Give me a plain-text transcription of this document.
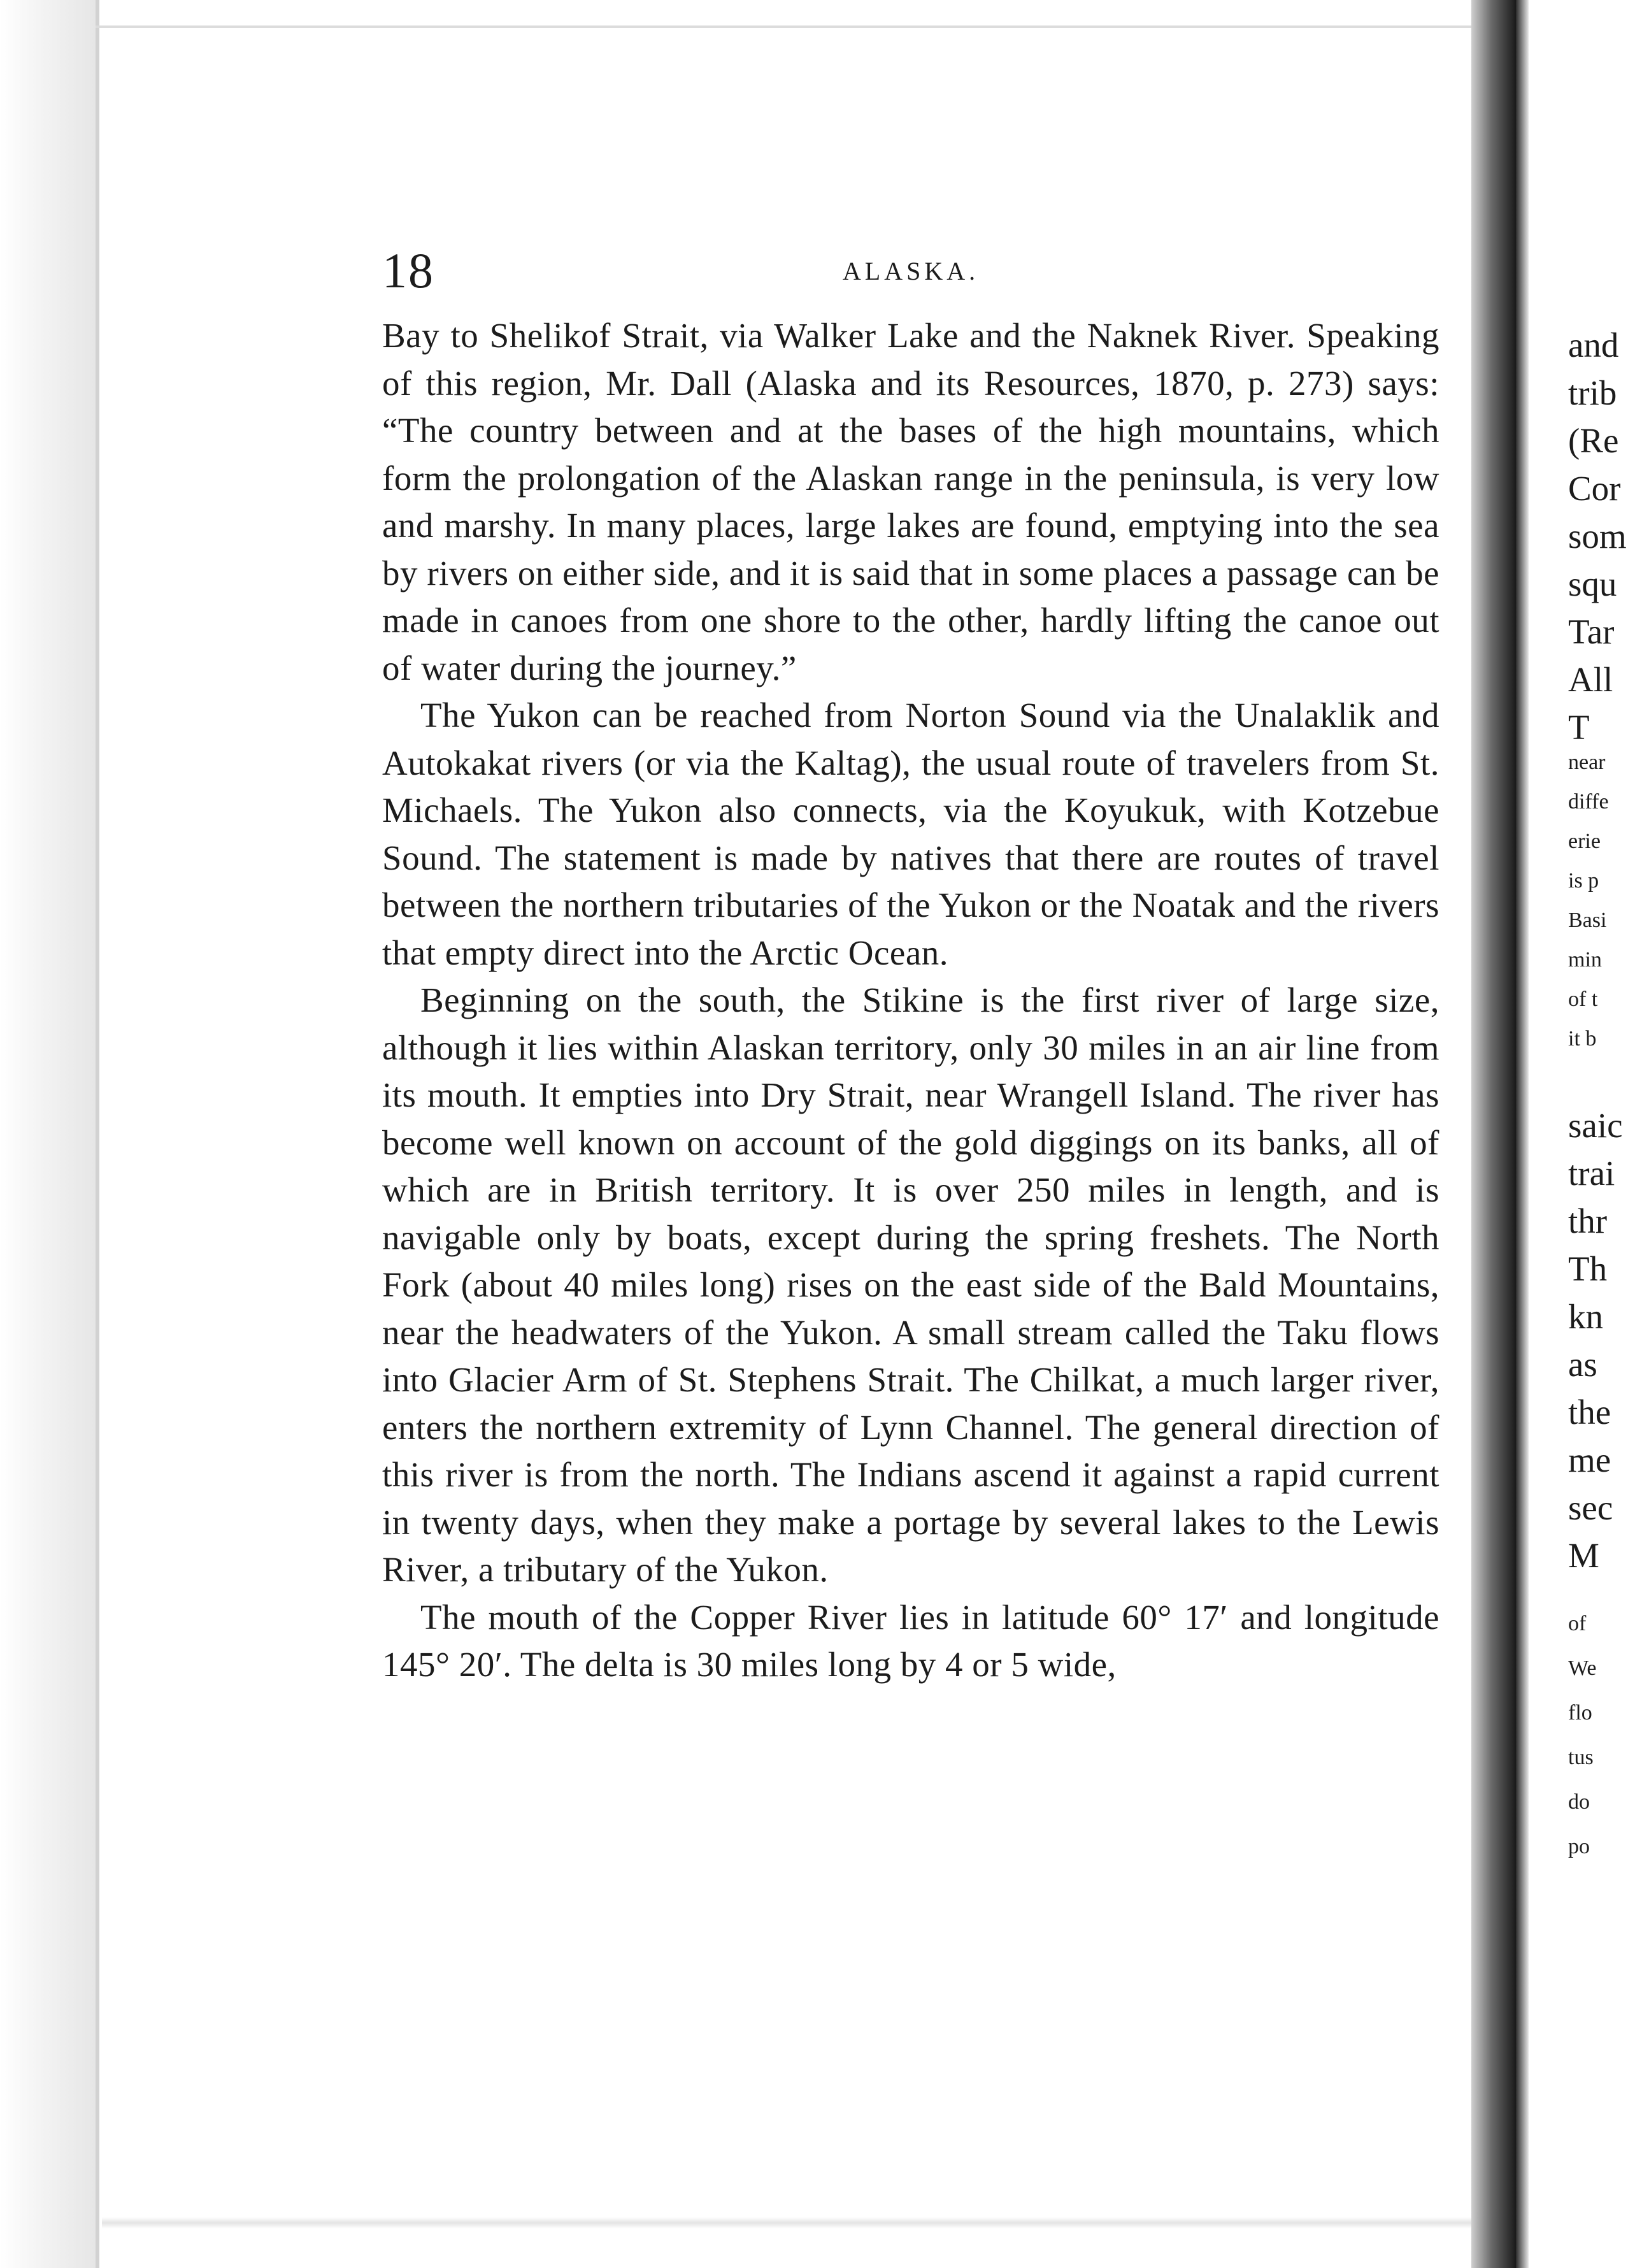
18	ALASKA.

Bay to Shelikof Strait, via Walker Lake and the Naknek River. Speaking of this region, Mr. Dall (Alaska and its Resources, 1870, p. 273) says: “The country between and at the bases of the high mountains, which form the prolongation of the Alaskan range in the peninsula, is very low and marshy. In many places, large lakes are found, emptying into the sea by rivers on either side, and it is said that in some places a passage can be made in canoes from one shore to the other, hardly lifting the canoe out of water during the journey.”

The Yukon can be reached from Norton Sound via the Unalaklik and Autokakat rivers (or via the Kaltag), the usual route of travelers from St. Michaels. The Yukon also connects, via the Koyukuk, with Kotzebue Sound. The statement is made by natives that there are routes of travel between the northern tributaries of the Yukon or the Noatak and the rivers that empty direct into the Arctic Ocean.

Beginning on the south, the Stikine is the first river of large size, although it lies within Alaskan territory, only 30 miles in an air line from its mouth. It empties into Dry Strait, near Wrangell Island. The river has become well known on account of the gold diggings on its banks, all of which are in British territory. It is over 250 miles in length, and is navigable only by boats, except during the spring freshets. The North Fork (about 40 miles long) rises on the east side of the Bald Mountains, near the headwaters of the Yukon. A small stream called the Taku flows into Glacier Arm of St. Stephens Strait. The Chilkat, a much larger river, enters the northern extremity of Lynn Channel. The general direction of this river is from the north. The Indians ascend it against a rapid current in twenty days, when they make a portage by several lakes to the Lewis River, a tributary of the Yukon.

The mouth of the Copper River lies in latitude 60° 17′ and longitude 145° 20′. The delta is 30 miles long by 4 or 5 wide,

and
trib
(Re
Cor
som
squ
Tar
All
T
near
diffe
erie
is p
Basi
min
of t
it b
saic
trai
thr
Th
kn
as
the
me
sec
M
of
We
flo
tus
do
po
